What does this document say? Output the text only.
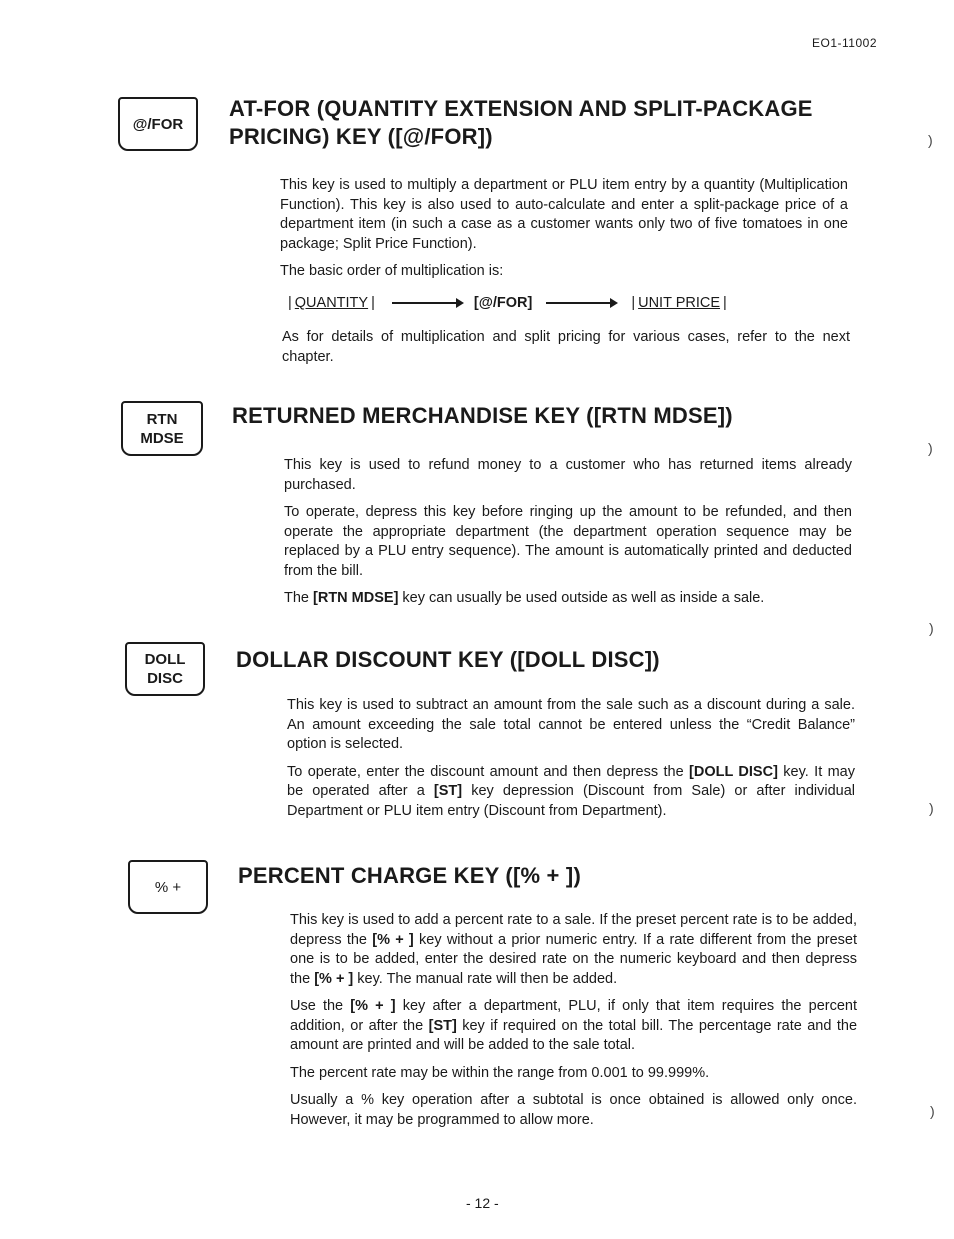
EO1-11002
@/FOR
AT-FOR (QUANTITY EXTENSION AND SPLIT-PACKAGE
PRICING) KEY ([@/FOR])

This key is used to multiply a department or PLU item entry by a quantity (Multiplication Function). This key is also used to auto-calculate and enter a split-package price of a department item (in such a case as a customer wants only two of five tomatoes in one package; Split Price Function).

The basic order of multiplication is:

| QUANTITY |	[@/FOR]	| UNIT PRICE |

As for details of multiplication and split pricing for various cases, refer to the next chapter.

RTN
MDSE
RETURNED MERCHANDISE KEY ([RTN MDSE])

This key is used to refund money to a customer who has returned items already purchased.

To operate, depress this key before ringing up the amount to be refunded, and then operate the appropriate department (the department operation sequence may be replaced by a PLU entry sequence). The amount is automatically printed and deducted from the bill.

The [RTN MDSE] key can usually be used outside as well as inside a sale.

DOLL
DISC
DOLLAR DISCOUNT KEY ([DOLL DISC])

This key is used to subtract an amount from the sale such as a discount during a sale. An amount exceeding the sale total cannot be entered unless the “Credit Balance” option is selected.

To operate, enter the discount amount and then depress the [DOLL DISC] key. It may be operated after a [ST] key depression (Discount from Sale) or after individual Department or PLU item entry (Discount from Department).

% +	PERCENT CHARGE KEY ([% + ])

This key is used to add a percent rate to a sale. If the preset percent rate is to be added, depress the [% + ] key without a prior numeric entry. If a rate different from the preset one is to be added, enter the desired rate on the numeric keyboard and then depress the [% + ] key. The manual rate will then be added.

Use the [% + ] key after a department, PLU, if only that item requires the percent addition, or after the [ST] key if required on the total bill. The percentage rate and the amount are printed and will be added to the sale total.

The percent rate may be within the range from 0.001 to 99.999%.

Usually a % key operation after a subtotal is once obtained is allowed only once. However, it may be programmed to allow more.

)
)
)
)
)
- 12 -
